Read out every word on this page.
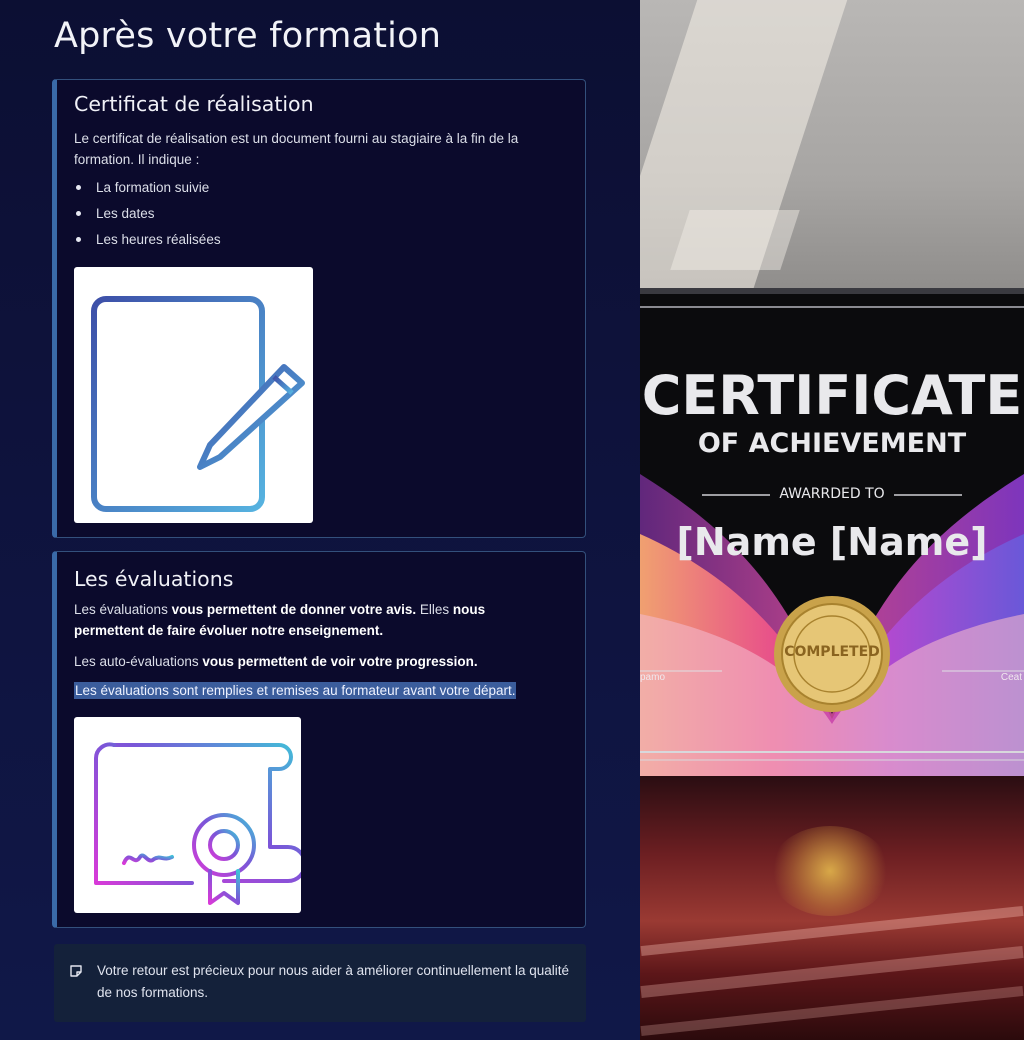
Après votre formation
Certificat de réalisation

Le certificat de réalisation est un document fourni au stagiaire à la fin de la formation. Il indique :

La formation suivie
Les dates
Les heures réalisées
Les évaluations

Les évaluations vous permettent de donner votre avis. Elles nous permettent de faire évoluer notre enseignement.

Les auto-évaluations vous permettent de voir votre progression.

Les évaluations sont remplies et remises au formateur avant votre départ.

Votre retour est précieux pour nous aider à améliorer continuellement la qualité de nos formations.

CERTIFICATE
OF ACHIEVEMENT
AWARRDED TO
[Name [Name]
COMPLETED
pamo	Ceat
